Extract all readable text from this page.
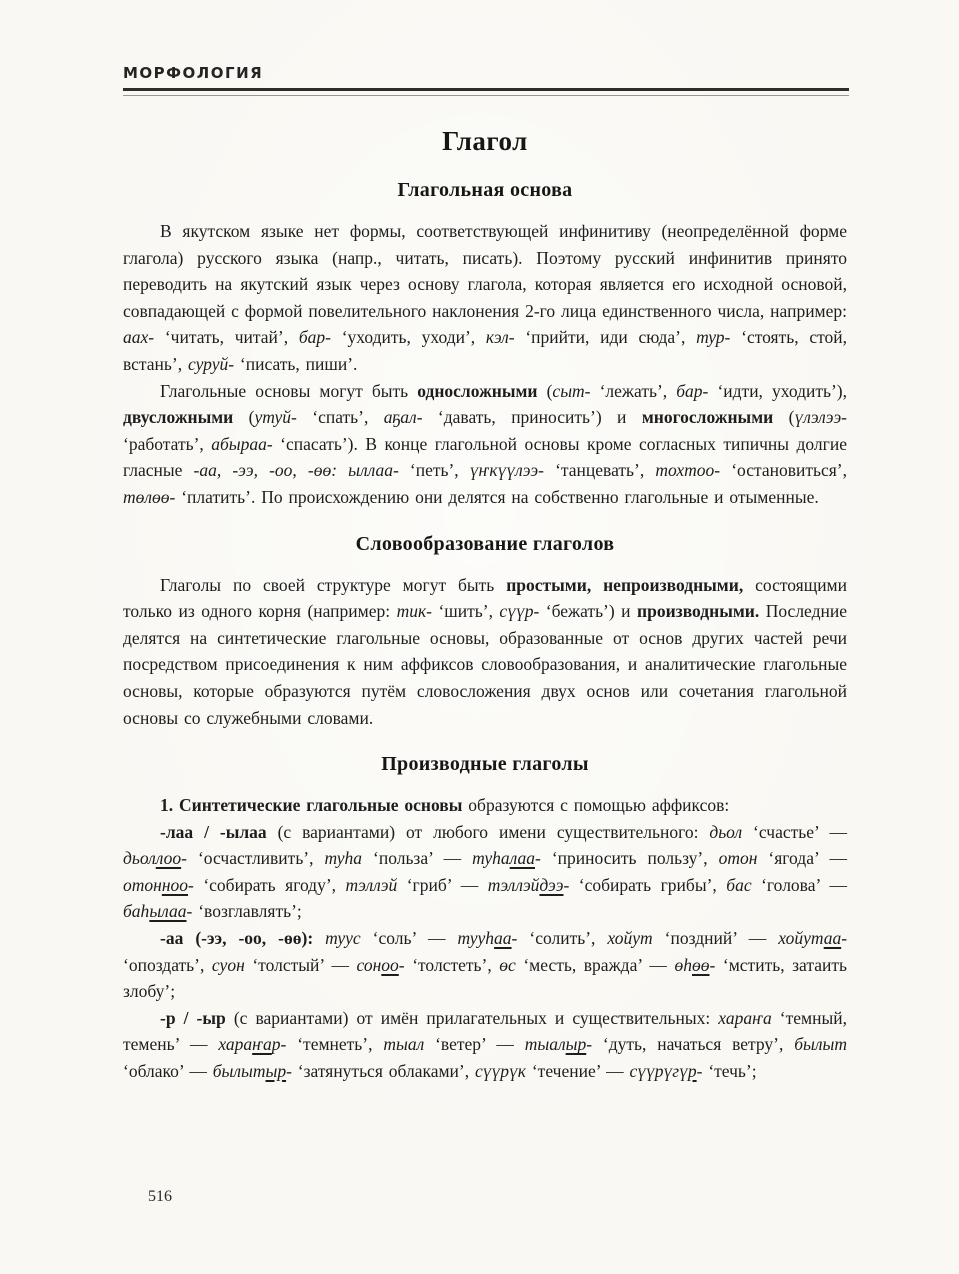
МОРФОЛОГИЯ
Глагол
Глагольная основа

В якутском языке нет формы, соответствующей инфинитиву (неопределённой форме глагола) русского языка (напр., читать, писать). Поэтому русский инфинитив принято переводить на якутский язык через основу глагола, которая является его исходной основой, совпадающей с формой повелительного наклонения 2-го лица единственного числа, например: аах- ‘читать, читай’, бар- ‘уходить, уходи’, кэл- ‘прийти, иди сюда’, тур- ‘стоять, стой, встань’, суруй- ‘писать, пиши’.

Глагольные основы могут быть односложными (сыт- ‘лежать’, бар- ‘идти, уходить’), двусложными (утуй- ‘спать’, аҕал- ‘давать, приносить’) и многосложными (үлэлээ- ‘работать’, абыраа- ‘спасать’). В конце глагольной основы кроме согласных типичны долгие гласные -аа, -ээ, -оо, -өө: ыллаа- ‘петь’, үҥкүүлээ- ‘танцевать’, тохтоо- ‘остановиться’, төлөө- ‘платить’. По происхождению они делятся на собственно глагольные и отыменные.

Словообразование глаголов

Глаголы по своей структуре могут быть простыми, непроизводными, состоящими только из одного корня (например: тик- ‘шить’, сүүр- ‘бежать’) и производными. Последние делятся на синтетические глагольные основы, образованные от основ других частей речи посредством присоединения к ним аффиксов словообразования, и аналитические глагольные основы, которые образуются путём словосложения двух основ или сочетания глагольной основы со служебными словами.

Производные глаголы

1. Синтетические глагольные основы образуются с помощью аффиксов:

-лаа / -ылаа (с вариантами) от любого имени существительного: дьол ‘счастье’ — дьоллоо- ‘осчастливить’, туһа ‘польза’ — туһалаа- ‘приносить пользу’, отон ‘ягода’ — отонноо- ‘собирать ягоду’, тэллэй ‘гриб’ — тэллэйдээ- ‘собирать грибы’, бас ‘голова’ — баһылаа- ‘возглавлять’;

-аа (-ээ, -оо, -өө): туус ‘соль’ — тууһаа- ‘солить’, хойут ‘поздний’ — хойутаа- ‘опоздать’, суон ‘толстый’ — соноо- ‘толстеть’, өс ‘месть, вражда’ — өһөө- ‘мстить, затаить злобу’;

-р / -ыр (с вариантами) от имён прилагательных и существительных: хараҥа ‘темный, темень’ — хараҥар- ‘темнеть’, тыал ‘ветер’ — тыалыр- ‘дуть, начаться ветру’, былыт ‘облако’ — былытыр- ‘затянуться облаками’, сүүрүк ‘течение’ — сүүрүгүр- ‘течь’;

516
